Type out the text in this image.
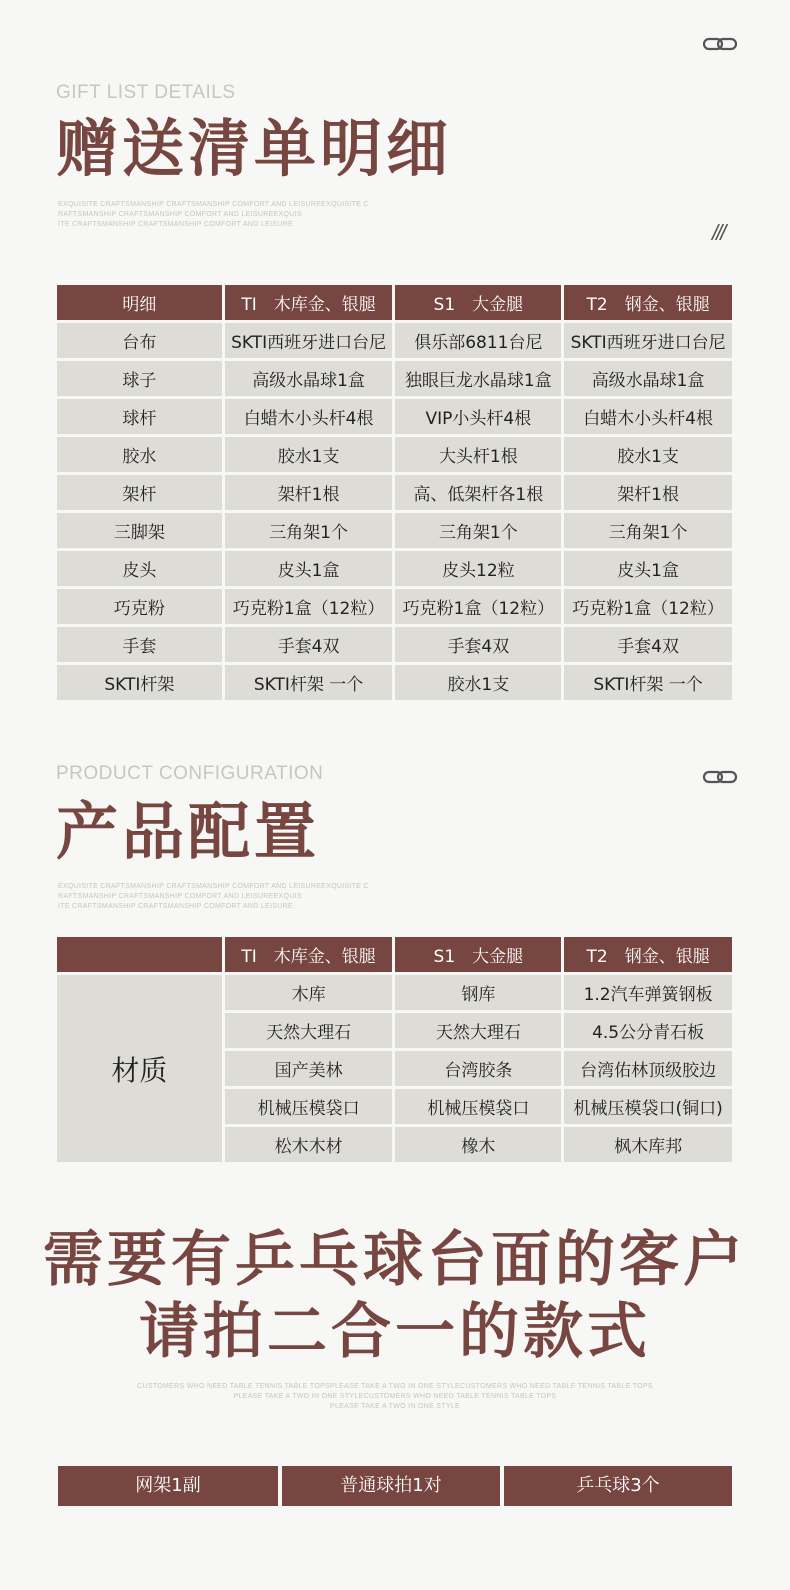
GIFT LIST DETAILS
赠送清单明细
EXQUISITE CRAFTSMANSHIP CRAFTSMANSHIP COMFORT AND LEISUREEXQUISITE C
RAFTSMANSHIP CRAFTSMANSHIP COMFORT AND LEISUREEXQUIS
ITE CRAFTSMANSHIP CRAFTSMANSHIP COMFORT AND LEISURE	///
明细	TI　木库金、银腿	S1　大金腿	T2　钢金、银腿
台布	SKTI西班牙进口台尼	俱乐部6811台尼	SKTI西班牙进口台尼
球子	高级水晶球1盒	独眼巨龙水晶球1盒	高级水晶球1盒
球杆	白蜡木小头杆4根	VIP小头杆4根	白蜡木小头杆4根
胶水	胶水1支	大头杆1根	胶水1支
架杆	架杆1根	高、低架杆各1根	架杆1根
三脚架	三角架1个	三角架1个	三角架1个
皮头	皮头1盒	皮头12粒	皮头1盒
巧克粉	巧克粉1盒（12粒）	巧克粉1盒（12粒）	巧克粉1盒（12粒）
手套	手套4双	手套4双	手套4双
SKTI杆架	SKTI杆架 一个	胶水1支	SKTI杆架 一个
PRODUCT CONFIGURATION
产品配置
EXQUISITE CRAFTSMANSHIP CRAFTSMANSHIP COMFORT AND LEISUREEXQUISITE C
RAFTSMANSHIP CRAFTSMANSHIP COMFORT AND LEISUREEXQUIS
ITE CRAFTSMANSHIP CRAFTSMANSHIP COMFORT AND LEISURE
	TI　木库金、银腿	S1　大金腿	T2　钢金、银腿
材质	木库	钢库	1.2汽车弹簧钢板
	天然大理石	天然大理石	4.5公分青石板
	国产美林	台湾胶条	台湾佑林顶级胶边
	机械压模袋口	机械压模袋口	机械压模袋口(铜口)
	松木木材	橡木	枫木库邦
需要有乒乓球台面的客户
请拍二合一的款式
CUSTOMERS WHO NEED TABLE TENNIS TABLE TOPSPLEASE TAKE A TWO IN ONE STYLECUSTOMERS WHO NEED TABLE TENNIS TABLE TOPS
PLEASE TAKE A TWO IN ONE STYLECUSTOMERS WHO NEED TABLE TENNIS TABLE TOPS
PLEASE TAKE A TWO IN ONE STYLE
网架1副	普通球拍1对	乒乓球3个
